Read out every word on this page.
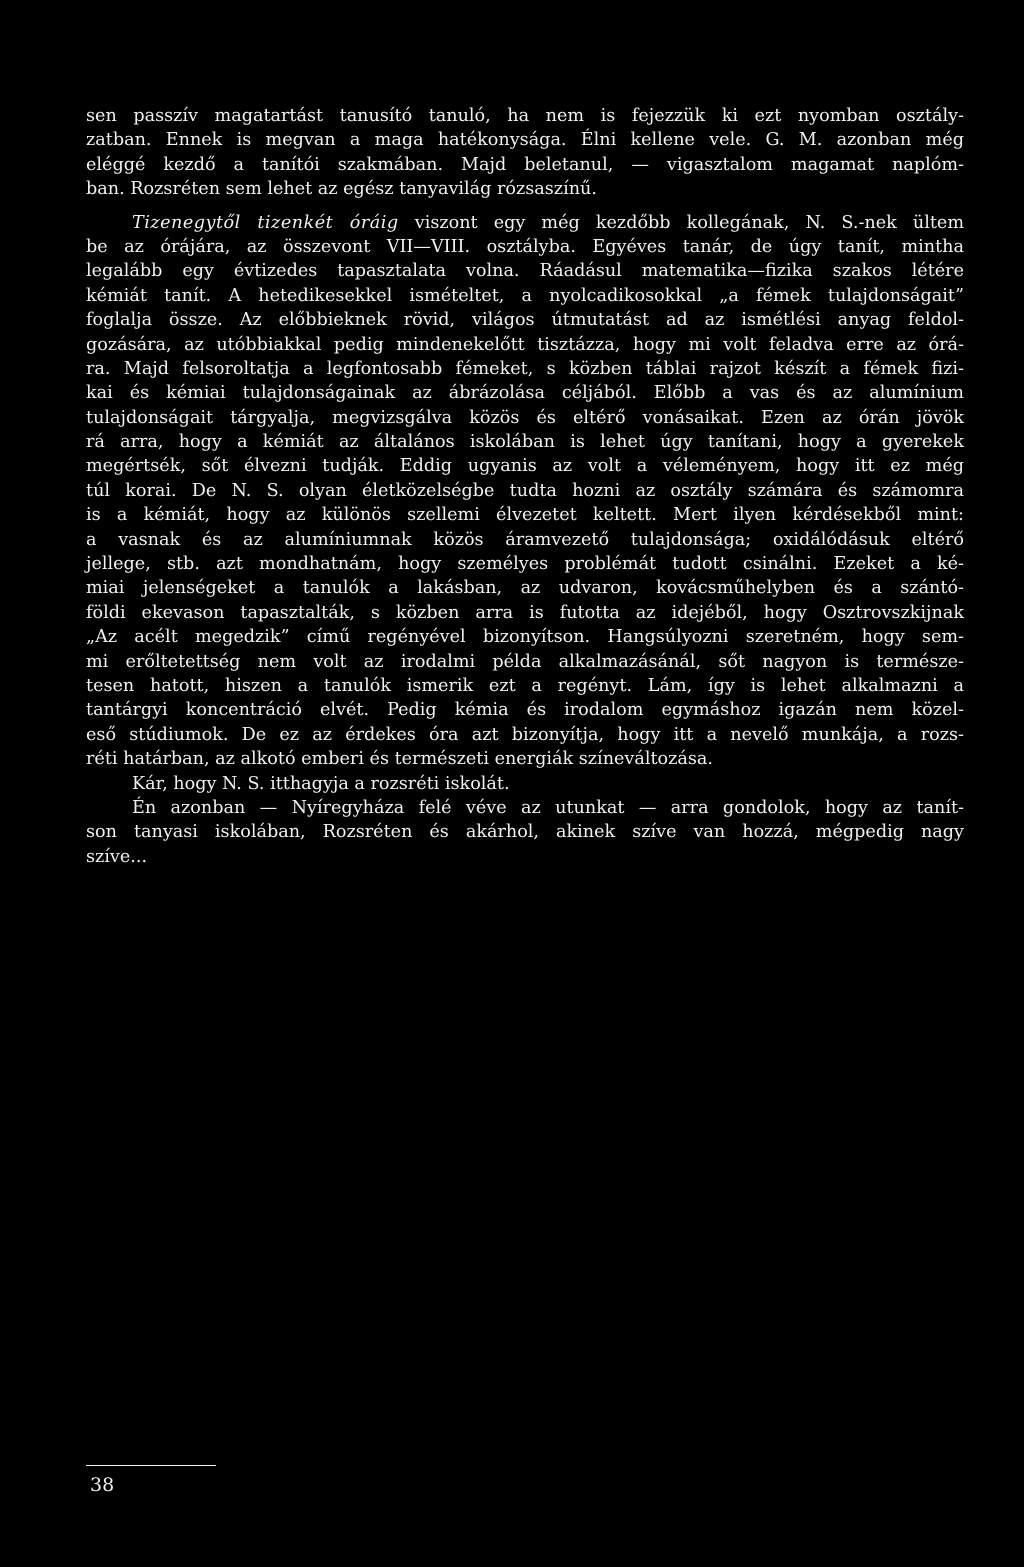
sen passzív magatartást tanusító tanuló, ha nem is fejezzük ki ezt nyomban osztály-
zatban. Ennek is megvan a maga hatékonysága. Élni kellene vele. G. M. azonban még
eléggé kezdő a tanítói szakmában. Majd beletanul, — vigasztalom magamat naplóm-
ban. Rozsréten sem lehet az egész tanyavilág rózsaszínű.
Tizenegytől tizenkét óráig viszont egy még kezdőbb kollegának, N. S.-nek ültem
be az órájára, az összevont VII—VIII. osztályba. Egyéves tanár, de úgy tanít, mintha
legalább egy évtizedes tapasztalata volna. Ráadásul matematika—fizika szakos létére
kémiát tanít. A hetedikesekkel ismételtet, a nyolcadikosokkal „a fémek tulajdonságait”
foglalja össze. Az előbbieknek rövid, világos útmutatást ad az ismétlési anyag feldol-
gozására, az utóbbiakkal pedig mindenekelőtt tisztázza, hogy mi volt feladva erre az órá-
ra. Majd felsoroltatja a legfontosabb fémeket, s közben táblai rajzot készít a fémek fizi-
kai és kémiai tulajdonságainak az ábrázolása céljából. Előbb a vas és az alumínium
tulajdonságait tárgyalja, megvizsgálva közös és eltérő vonásaikat. Ezen az órán jövök
rá arra, hogy a kémiát az általános iskolában is lehet úgy tanítani, hogy a gyerekek
megértsék, sőt élvezni tudják. Eddig ugyanis az volt a véleményem, hogy itt ez még
túl korai. De N. S. olyan életközelségbe tudta hozni az osztály számára és számomra
is a kémiát, hogy az különös szellemi élvezetet keltett. Mert ilyen kérdésekből mint:
a vasnak és az alumíniumnak közös áramvezető tulajdonsága; oxidálódásuk eltérő
jellege, stb. azt mondhatnám, hogy személyes problémát tudott csinálni. Ezeket a ké-
miai jelenségeket a tanulók a lakásban, az udvaron, kovácsműhelyben és a szántó-
földi ekevason tapasztalták, s közben arra is futotta az idejéből, hogy Osztrovszkijnak
„Az acélt megedzik” című regényével bizonyítson. Hangsúlyozni szeretném, hogy sem-
mi erőltetettség nem volt az irodalmi példa alkalmazásánál, sőt nagyon is természe-
tesen hatott, hiszen a tanulók ismerik ezt a regényt. Lám, így is lehet alkalmazni a
tantárgyi koncentráció elvét. Pedig kémia és irodalom egymáshoz igazán nem közel-
eső stúdiumok. De ez az érdekes óra azt bizonyítja, hogy itt a nevelő munkája, a rozs-
réti határban, az alkotó emberi és természeti energiák színeváltozása.
Kár, hogy N. S. itthagyja a rozsréti iskolát.
Én azonban — Nyíregyháza felé véve az utunkat — arra gondolok, hogy az tanít-
son tanyasi iskolában, Rozsréten és akárhol, akinek szíve van hozzá, mégpedig nagy
szíve...
38
